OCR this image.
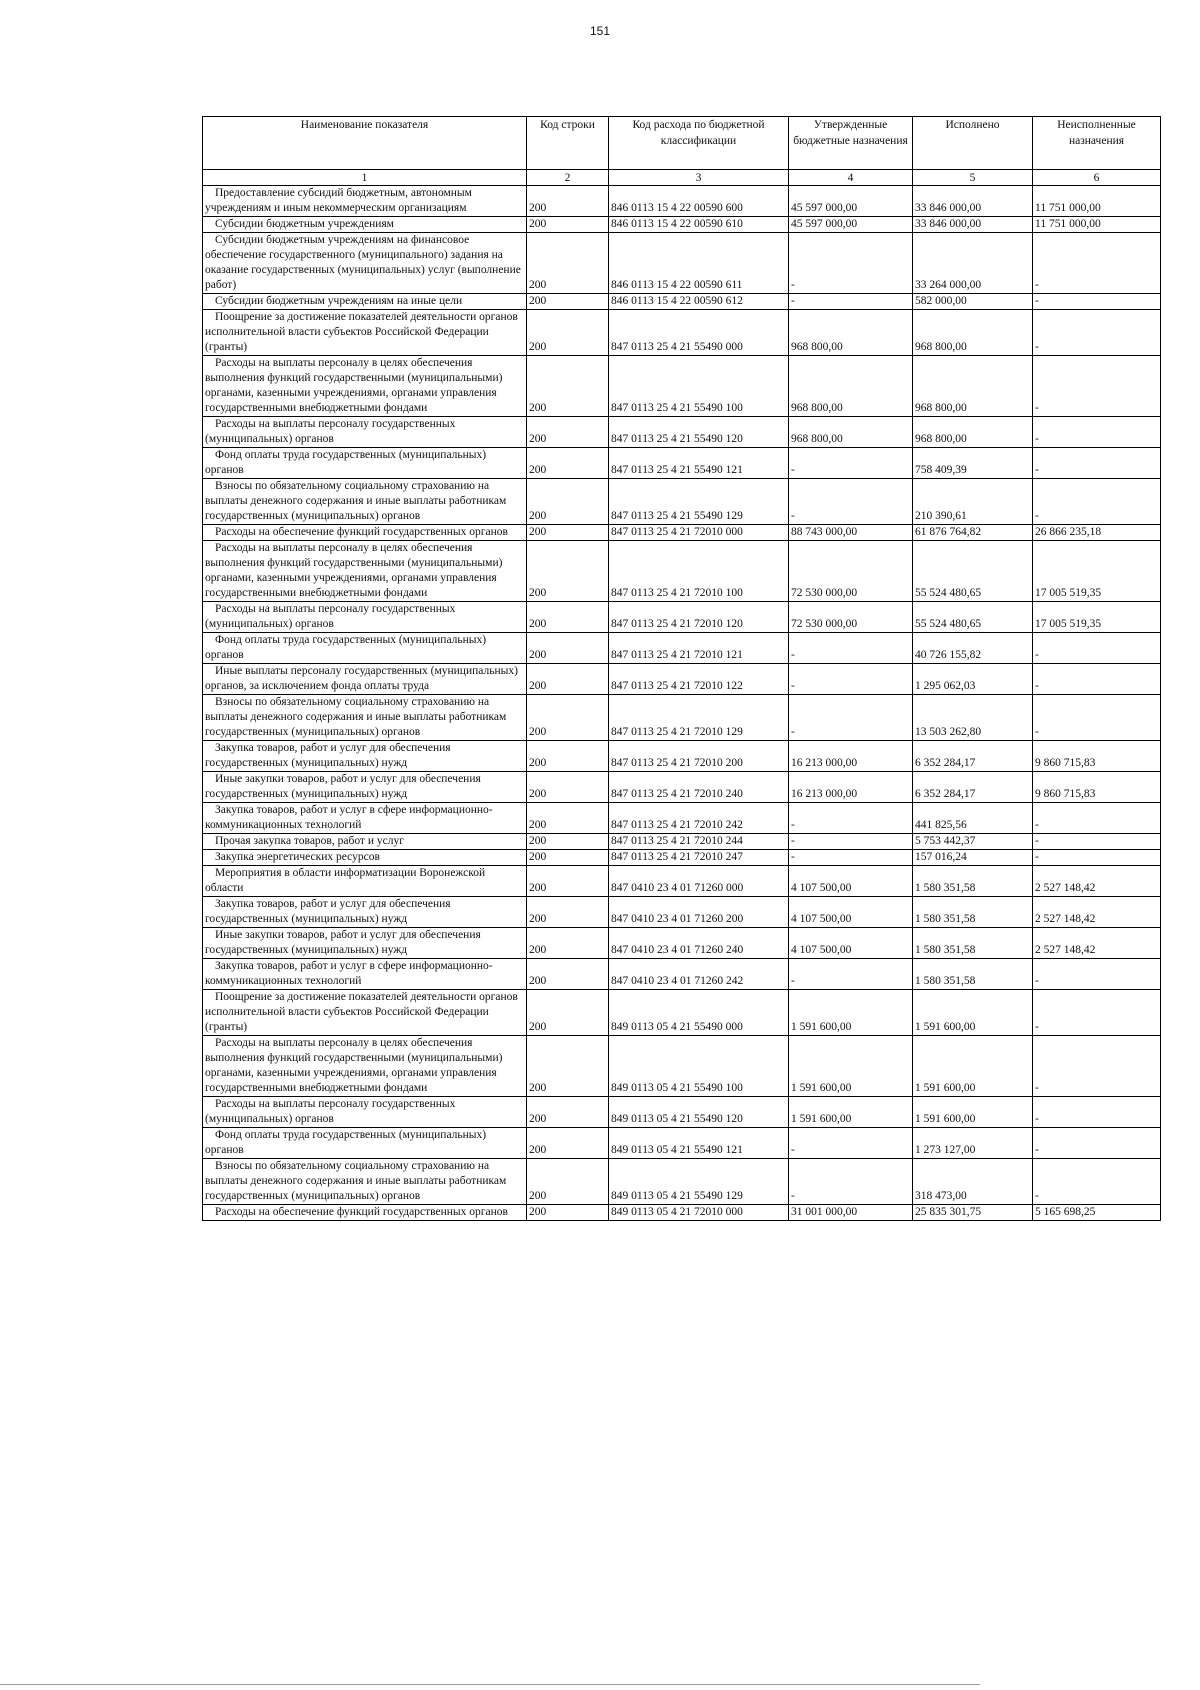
151
Наименование показателя	Код строки	Код расхода по бюджетной классификации	Утвержденные бюджетные назначения	Исполнено	Неисполненные назначения
1	2	3	4	5	6

Предоставление субсидий бюджетным, автономным учреждениям и иным некоммерческим организациям	200	846 0113 15 4 22 00590 600	45 597 000,00	33 846 000,00	11 751 000,00

Субсидии бюджетным учреждениям	200	846 0113 15 4 22 00590 610	45 597 000,00	33 846 000,00	11 751 000,00

Субсидии бюджетным учреждениям на финансовое обеспечение государственного (муниципального) задания на оказание государственных (муниципальных) услуг (выполнение работ)	200	846 0113 15 4 22 00590 611	-	33 264 000,00	-

Субсидии бюджетным учреждениям на иные цели	200	846 0113 15 4 22 00590 612	-	582 000,00	-

Поощрение за достижение показателей деятельности органов исполнительной власти субъектов Российской Федерации (гранты)	200	847 0113 25 4 21 55490 000	968 800,00	968 800,00	-

Расходы на выплаты персоналу в целях обеспечения выполнения функций государственными (муниципальными) органами, казенными учреждениями, органами управления государственными внебюджетными фондами	200	847 0113 25 4 21 55490 100	968 800,00	968 800,00	-

Расходы на выплаты персоналу государственных (муниципальных) органов	200	847 0113 25 4 21 55490 120	968 800,00	968 800,00	-

Фонд оплаты труда государственных (муниципальных) органов	200	847 0113 25 4 21 55490 121	-	758 409,39	-

Взносы по обязательному социальному страхованию на выплаты денежного содержания и иные выплаты работникам государственных (муниципальных) органов	200	847 0113 25 4 21 55490 129	-	210 390,61	-

Расходы на обеспечение функций государственных органов	200	847 0113 25 4 21 72010 000	88 743 000,00	61 876 764,82	26 866 235,18

Расходы на выплаты персоналу в целях обеспечения выполнения функций государственными (муниципальными) органами, казенными учреждениями, органами управления государственными внебюджетными фондами	200	847 0113 25 4 21 72010 100	72 530 000,00	55 524 480,65	17 005 519,35

Расходы на выплаты персоналу государственных (муниципальных) органов	200	847 0113 25 4 21 72010 120	72 530 000,00	55 524 480,65	17 005 519,35

Фонд оплаты труда государственных (муниципальных) органов	200	847 0113 25 4 21 72010 121	-	40 726 155,82	-

Иные выплаты персоналу государственных (муниципальных) органов, за исключением фонда оплаты труда	200	847 0113 25 4 21 72010 122	-	1 295 062,03	-

Взносы по обязательному социальному страхованию на выплаты денежного содержания и иные выплаты работникам государственных (муниципальных) органов	200	847 0113 25 4 21 72010 129	-	13 503 262,80	-

Закупка товаров, работ и услуг для обеспечения государственных (муниципальных) нужд	200	847 0113 25 4 21 72010 200	16 213 000,00	6 352 284,17	9 860 715,83

Иные закупки товаров, работ и услуг для обеспечения государственных (муниципальных) нужд	200	847 0113 25 4 21 72010 240	16 213 000,00	6 352 284,17	9 860 715,83

Закупка товаров, работ и услуг в сфере информационно-коммуникационных технологий	200	847 0113 25 4 21 72010 242	-	441 825,56	-

Прочая закупка товаров, работ и услуг	200	847 0113 25 4 21 72010 244	-	5 753 442,37	-

Закупка энергетических ресурсов	200	847 0113 25 4 21 72010 247	-	157 016,24	-

Мероприятия в области информатизации Воронежской области	200	847 0410 23 4 01 71260 000	4 107 500,00	1 580 351,58	2 527 148,42

Закупка товаров, работ и услуг для обеспечения государственных (муниципальных) нужд	200	847 0410 23 4 01 71260 200	4 107 500,00	1 580 351,58	2 527 148,42

Иные закупки товаров, работ и услуг для обеспечения государственных (муниципальных) нужд	200	847 0410 23 4 01 71260 240	4 107 500,00	1 580 351,58	2 527 148,42

Закупка товаров, работ и услуг в сфере информационно-коммуникационных технологий	200	847 0410 23 4 01 71260 242	-	1 580 351,58	-

Поощрение за достижение показателей деятельности органов исполнительной власти субъектов Российской Федерации (гранты)	200	849 0113 05 4 21 55490 000	1 591 600,00	1 591 600,00	-

Расходы на выплаты персоналу в целях обеспечения выполнения функций государственными (муниципальными) органами, казенными учреждениями, органами управления государственными внебюджетными фондами	200	849 0113 05 4 21 55490 100	1 591 600,00	1 591 600,00	-

Расходы на выплаты персоналу государственных (муниципальных) органов	200	849 0113 05 4 21 55490 120	1 591 600,00	1 591 600,00	-

Фонд оплаты труда государственных (муниципальных) органов	200	849 0113 05 4 21 55490 121	-	1 273 127,00	-

Взносы по обязательному социальному страхованию на выплаты денежного содержания и иные выплаты работникам государственных (муниципальных) органов	200	849 0113 05 4 21 55490 129	-	318 473,00	-

Расходы на обеспечение функций государственных органов	200	849 0113 05 4 21 72010 000	31 001 000,00	25 835 301,75	5 165 698,25
